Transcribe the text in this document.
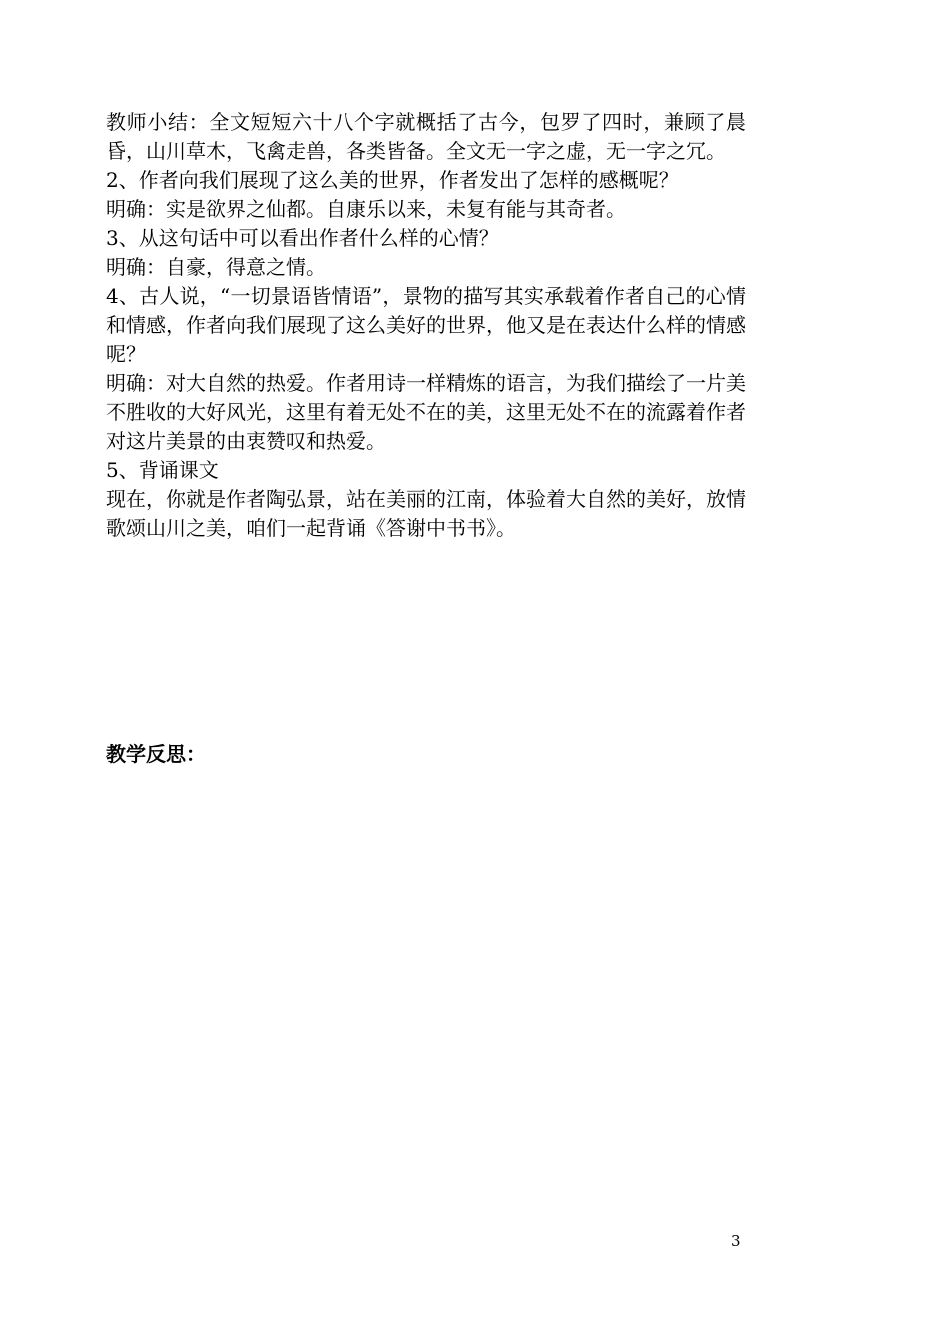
教师小结：全文短短六十八个字就概括了古今，包罗了四时，兼顾了晨昏，山川草木，飞禽走兽，各类皆备。全文无一字之虚，无一字之冗。

2、作者向我们展现了这么美的世界，作者发出了怎样的感概呢？

明确：实是欲界之仙都。自康乐以来，未复有能与其奇者。

3、从这句话中可以看出作者什么样的心情？

明确：自豪，得意之情。

4、古人说，“一切景语皆情语”，景物的描写其实承载着作者自己的心情和情感，作者向我们展现了这么美好的世界，他又是在表达什么样的情感呢？

明确：对大自然的热爱。作者用诗一样精炼的语言，为我们描绘了一片美不胜收的大好风光，这里有着无处不在的美，这里无处不在的流露着作者对这片美景的由衷赞叹和热爱。

5、背诵课文

现在，你就是作者陶弘景，站在美丽的江南，体验着大自然的美好，放情歌颂山川之美，咱们一起背诵《答谢中书书》。

教学反思：
3
